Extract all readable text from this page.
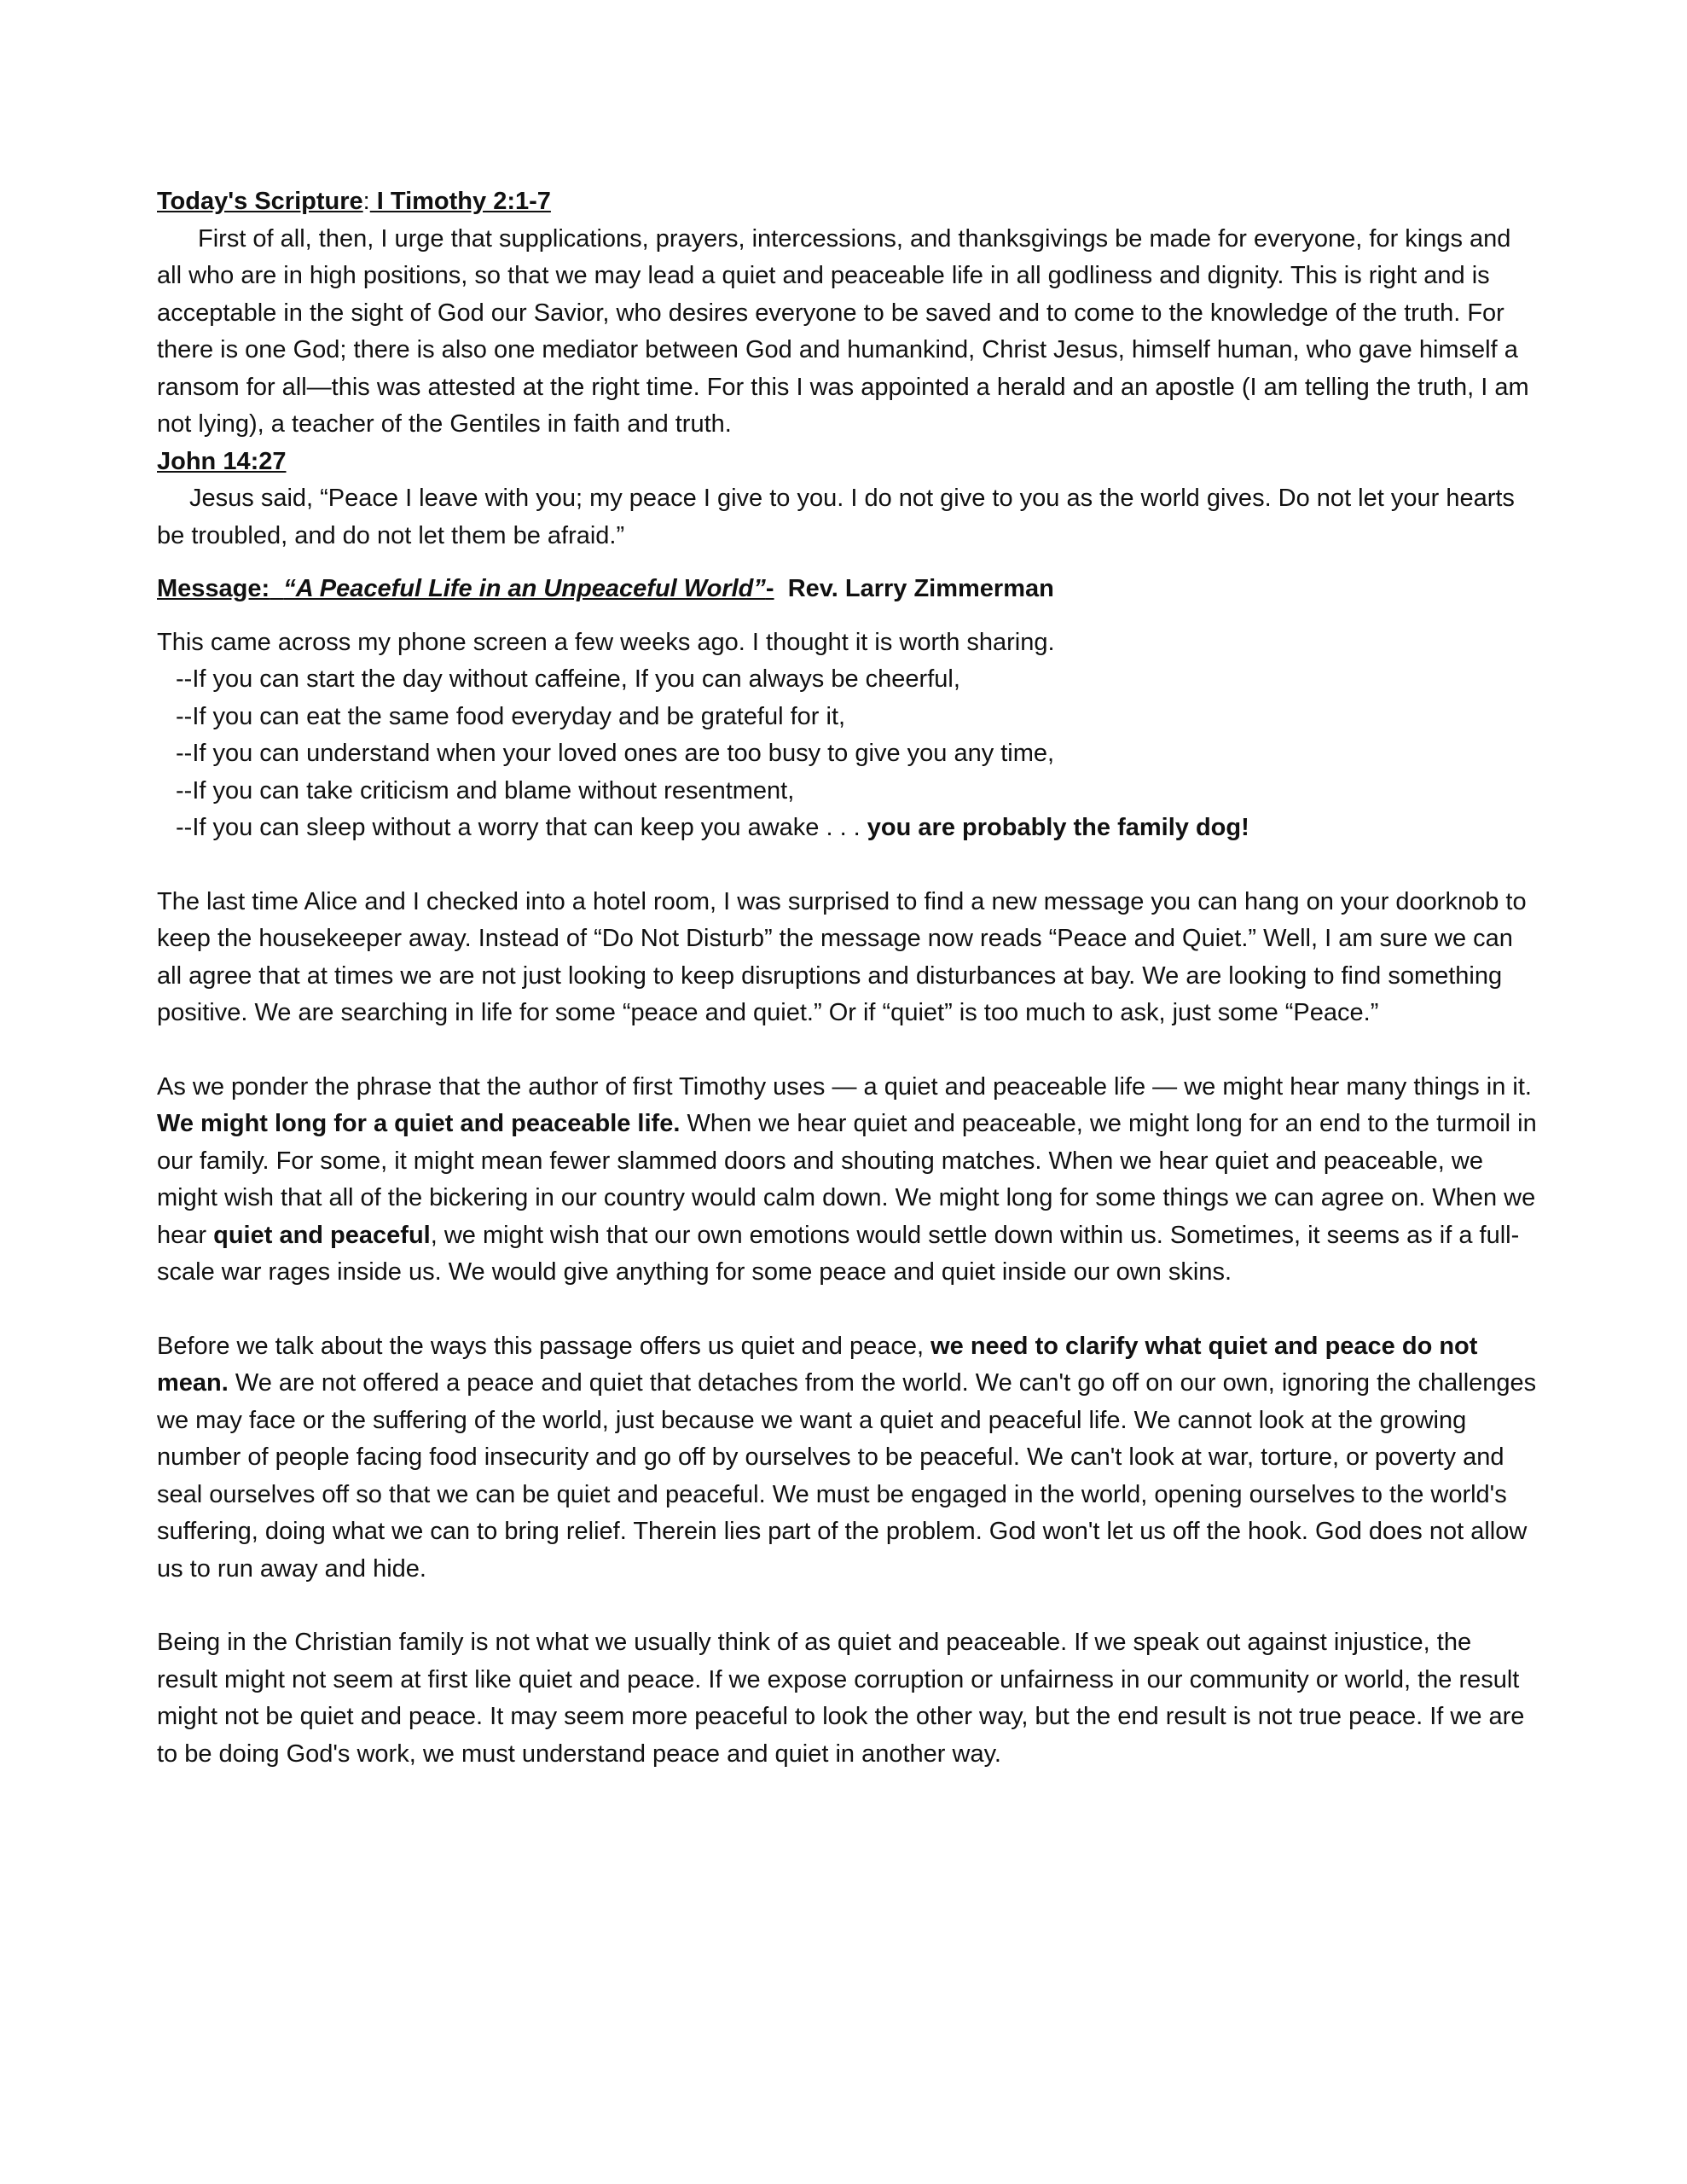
Today's Scripture: I Timothy 2:1-7

First of all, then, I urge that supplications, prayers, intercessions, and thanksgivings be made for everyone, for kings and all who are in high positions, so that we may lead a quiet and peaceable life in all godliness and dignity. This is right and is acceptable in the sight of God our Savior, who desires everyone to be saved and to come to the knowledge of the truth. For there is one God; there is also one mediator between God and humankind, Christ Jesus, himself human, who gave himself a ransom for all—this was attested at the right time. For this I was appointed a herald and an apostle (I am telling the truth, I am not lying), a teacher of the Gentiles in faith and truth.

John 14:27

Jesus said, “Peace I leave with you; my peace I give to you. I do not give to you as the world gives. Do not let your hearts be troubled, and do not let them be afraid.”

Message: “A Peaceful Life in an Unpeaceful World”- Rev. Larry Zimmerman

This came across my phone screen a few weeks ago. I thought it is worth sharing.

--If you can start the day without caffeine, If you can always be cheerful,

--If you can eat the same food everyday and be grateful for it,

--If you can understand when your loved ones are too busy to give you any time,

--If you can take criticism and blame without resentment,

--If you can sleep without a worry that can keep you awake . . . you are probably the family dog!

The last time Alice and I checked into a hotel room, I was surprised to find a new message you can hang on your doorknob to keep the housekeeper away. Instead of “Do Not Disturb” the message now reads “Peace and Quiet.” Well, I am sure we can all agree that at times we are not just looking to keep disruptions and disturbances at bay. We are looking to find something positive. We are searching in life for some “peace and quiet.” Or if “quiet” is too much to ask, just some “Peace.”

As we ponder the phrase that the author of first Timothy uses — a quiet and peaceable life — we might hear many things in it. We might long for a quiet and peaceable life. When we hear quiet and peaceable, we might long for an end to the turmoil in our family. For some, it might mean fewer slammed doors and shouting matches. When we hear quiet and peaceable, we might wish that all of the bickering in our country would calm down. We might long for some things we can agree on. When we hear quiet and peaceful, we might wish that our own emotions would settle down within us. Sometimes, it seems as if a full-scale war rages inside us. We would give anything for some peace and quiet inside our own skins.

Before we talk about the ways this passage offers us quiet and peace, we need to clarify what quiet and peace do not mean. We are not offered a peace and quiet that detaches from the world. We can't go off on our own, ignoring the challenges we may face or the suffering of the world, just because we want a quiet and peaceful life. We cannot look at the growing number of people facing food insecurity and go off by ourselves to be peaceful. We can't look at war, torture, or poverty and seal ourselves off so that we can be quiet and peaceful. We must be engaged in the world, opening ourselves to the world's suffering, doing what we can to bring relief. Therein lies part of the problem. God won't let us off the hook. God does not allow us to run away and hide.

Being in the Christian family is not what we usually think of as quiet and peaceable. If we speak out against injustice, the result might not seem at first like quiet and peace. If we expose corruption or unfairness in our community or world, the result might not be quiet and peace. It may seem more peaceful to look the other way, but the end result is not true peace. If we are to be doing God's work, we must understand peace and quiet in another way.
